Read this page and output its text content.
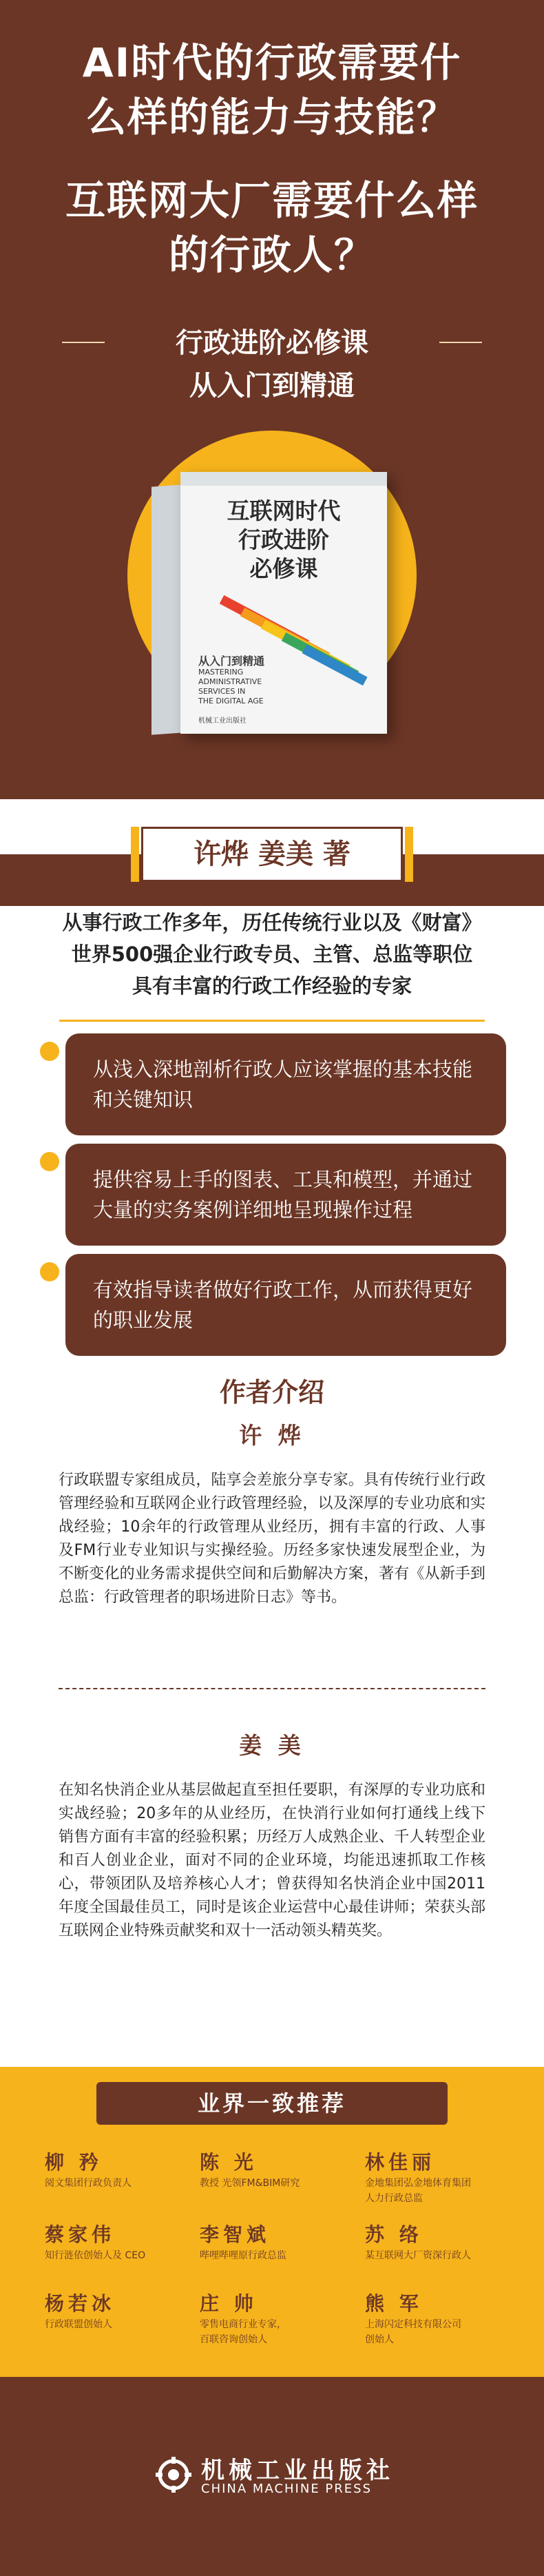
AI时代的行政需要什
么样的能力与技能？
互联网大厂需要什么样
的行政人？
行政进阶必修课
从入门到精通
互联网时代
行政进阶
必修课
从入门到精通
MASTERING
ADMINISTRATIVE
SERVICES IN
THE DIGITAL AGE
机械工业出版社
许烨 姜美 著
从事行政工作多年，历任传统行业以及《财富》
世界500强企业行政专员、主管、总监等职位
具有丰富的行政工作经验的专家
从浅入深地剖析行政人应该掌握的基本技能和关键知识
提供容易上手的图表、工具和模型，并通过大量的实务案例详细地呈现操作过程
有效指导读者做好行政工作，从而获得更好的职业发展
作者介绍
许 烨
行政联盟专家组成员，陆享会差旅分享专家。具有传统行业行政管理经验和互联网企业行政管理经验，以及深厚的专业功底和实战经验；10余年的行政管理从业经历，拥有丰富的行政、人事及FM行业专业知识与实操经验。历经多家快速发展型企业，为不断变化的业务需求提供空间和后勤解决方案，著有《从新手到总监：行政管理者的职场进阶日志》等书。
姜 美
在知名快消企业从基层做起直至担任要职，有深厚的专业功底和实战经验；20多年的从业经历，在快消行业如何打通线上线下销售方面有丰富的经验积累；历经万人成熟企业、千人转型企业和百人创业企业，面对不同的企业环境，均能迅速抓取工作核心，带领团队及培养核心人才；曾获得知名快消企业中国2011年度全国最佳员工，同时是该企业运营中心最佳讲师；荣获头部互联网企业特殊贡献奖和双十一活动领头精英奖。
业界一致推荐
柳 矜
阅文集团行政负责人
陈 光
教授 光领FM&BIM研究
林佳丽
金地集团弘金地体育集团
人力行政总监
蔡家伟
知行涟依创始人及 CEO
李智斌
哔哩哔哩原行政总监
苏 络
某互联网大厂资深行政人
杨若冰
行政联盟创始人
庄 帅
零售电商行业专家，
百联咨询创始人
熊 军
上海闪定科技有限公司
创始人
机械工业出版社
CHINA MACHINE PRESS
